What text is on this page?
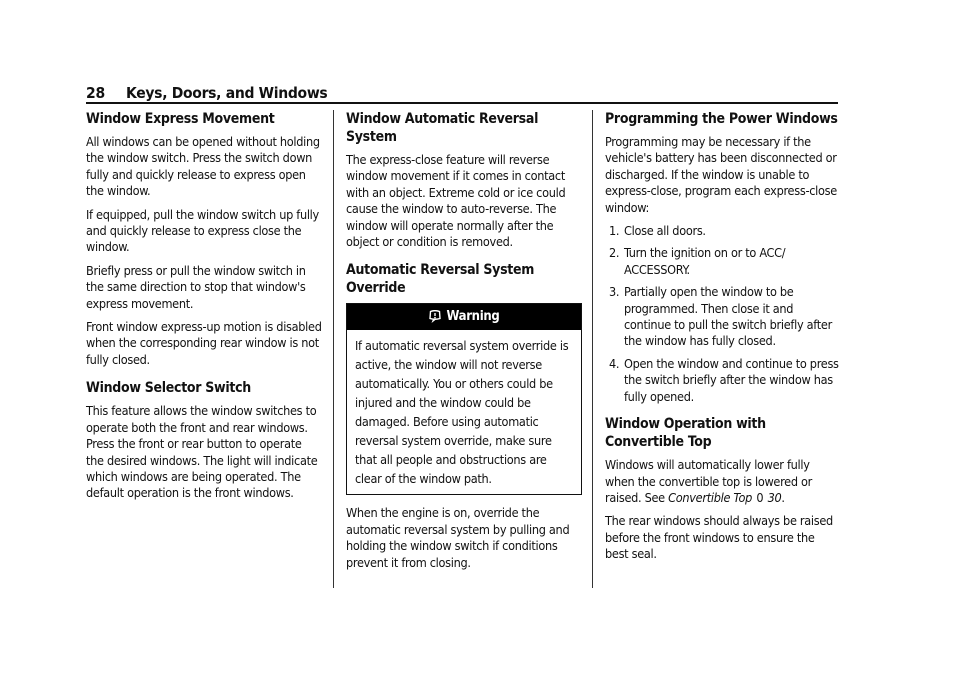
28 Keys, Doors, and Windows
Window Express Movement

All windows can be opened without holding the window switch. Press the switch down fully and quickly release to express open the window.

If equipped, pull the window switch up fully and quickly release to express close the window.

Briefly press or pull the window switch in the same direction to stop that window's express movement.

Front window express-up motion is disabled when the corresponding rear window is not fully closed.

Window Selector Switch

This feature allows the window switches to operate both the front and rear windows. Press the front or rear button to operate the desired windows. The light will indicate which windows are being operated. The default operation is the front windows.

Window Automatic Reversal System

The express-close feature will reverse window movement if it comes in contact with an object. Extreme cold or ice could cause the window to auto-reverse. The window will operate normally after the object or condition is removed.

Automatic Reversal System Override
Warning
If automatic reversal system override is active, the window will not reverse automatically. You or others could be injured and the window could be damaged. Before using automatic reversal system override, make sure that all people and obstructions are clear of the window path.

When the engine is on, override the automatic reversal system by pulling and holding the window switch if conditions prevent it from closing.

Programming the Power Windows

Programming may be necessary if the vehicle's battery has been disconnected or discharged. If the window is unable to express-close, program each express-close window:

1. Close all doors.
2. Turn the ignition on or to ACC/ ACCESSORY.
3. Partially open the window to be programmed. Then close it and continue to pull the switch briefly after the window has fully closed.
4. Open the window and continue to press the switch briefly after the window has fully opened.
Window Operation with Convertible Top

Windows will automatically lower fully when the convertible top is lowered or raised. See Convertible Top 0 30.

The rear windows should always be raised before the front windows to ensure the best seal.
